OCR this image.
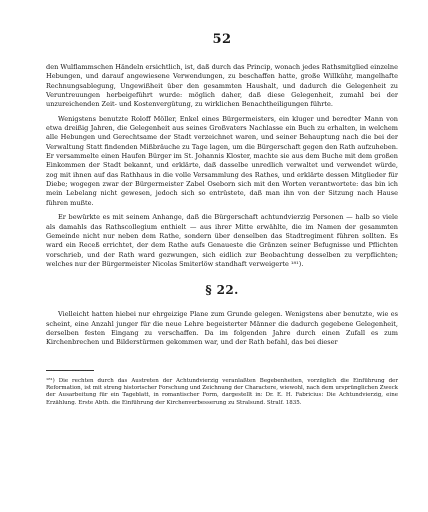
52

den Wulflammschen Händeln ersichtlich, ist, daß durch das Princip, wonach jedes Rathsmitglied einzelne Hebungen, und darauf angewiesene Verwendungen, zu beschaffen hatte, große Willkühr, mangelhafte Rechnungsablegung, Ungewißheit über den gesammten Haushalt, und dadurch die Gelegenheit zu Veruntreuungen herbeigeführt wurde: möglich daher, daß diese Gelegenheit, zumahl bei der unzureichenden Zeit- und Kostenvergütung, zu wirklichen Benachtheiligungen führte.

Wenigstens benutzte Roloff Möller, Enkel eines Bürgermeisters, ein kluger und beredter Mann von etwa dreißig Jahren, die Gelegenheit aus seines Großvaters Nachlasse ein Buch zu erhalten, in welchem alle Hebungen und Gerechtsame der Stadt verzeichnet waren, und seiner Behauptung nach die bei der Verwaltung Statt findenden Mißbräuche zu Tage lagen, um die Bürgerschaft gegen den Rath aufzuheben. Er versammelte einen Haufen Bürger im St. Johannis Kloster, machte sie aus dem Buche mit dem großen Einkommen der Stadt bekannt, und erklärte, daß dasselbe unredlich verwaltet und verwendet würde, zog mit ihnen auf das Rathhaus in die volle Versammlung des Rathes, und erklärte dessen Mitglieder für Diebe; wogegen zwar der Bürgermeister Zabel Oseborn sich mit den Worten verantwortete: das bin ich mein Lebelang nicht gewesen, jedoch sich so entrüstete, daß man ihn von der Sitzung nach Hause führen mußte.

Er bewürkte es mit seinem Anhange, daß die Bürgerschaft achtundvierzig Personen — halb so viele als damahls das Rathscollegium enthielt — aus ihrer Mitte erwählte, die im Namen der gesammten Gemeinde nicht nur neben dem Rathe, sondern über denselben das Stadtregiment führen sollten. Es ward ein Receß errichtet, der dem Rathe aufs Genaueste die Gränzen seiner Befugnisse und Pflichten vorschrieb, und der Rath ward gezwungen, sich eidlich zur Beobachtung desselben zu verpflichten; welches nur der Bürgermeister Nicolas Smiterlöw standhaft verweigerte ¹⁸¹).

§ 22.

Vielleicht hatten hiebei nur ehrgeizige Plane zum Grunde gelegen. Wenigstens aber benutzte, wie es scheint, eine Anzahl junger für die neue Lehre begeisterter Männer die dadurch gegebene Gelegenheit, derselben festen Eingang zu verschaffen. Da im folgenden Jahre durch einen Zufall es zum Kirchenbrechen und Bilderstürmen gekommen war, und der Rath befahl, das bei dieser

¹⁸¹) Die rechten durch das Austreten der Achtundvierzig veranlaßten Begebenheiten, vorzüglich die Einführung der Reformation, ist mit streng historischer Forschung und Zeichnung der Charactere, wiewohl, nach dem ursprünglichen Zweck der Ausarbeitung für ein Tageblatt, in romantischer Form, dargestellt in: Dr. E. H. Fabricius: Die Achtundvierzig, eine Erzählung. Erste Abth. die Einführung der Kirchenverbesserung zu Stralsund. Stralf. 1835.
